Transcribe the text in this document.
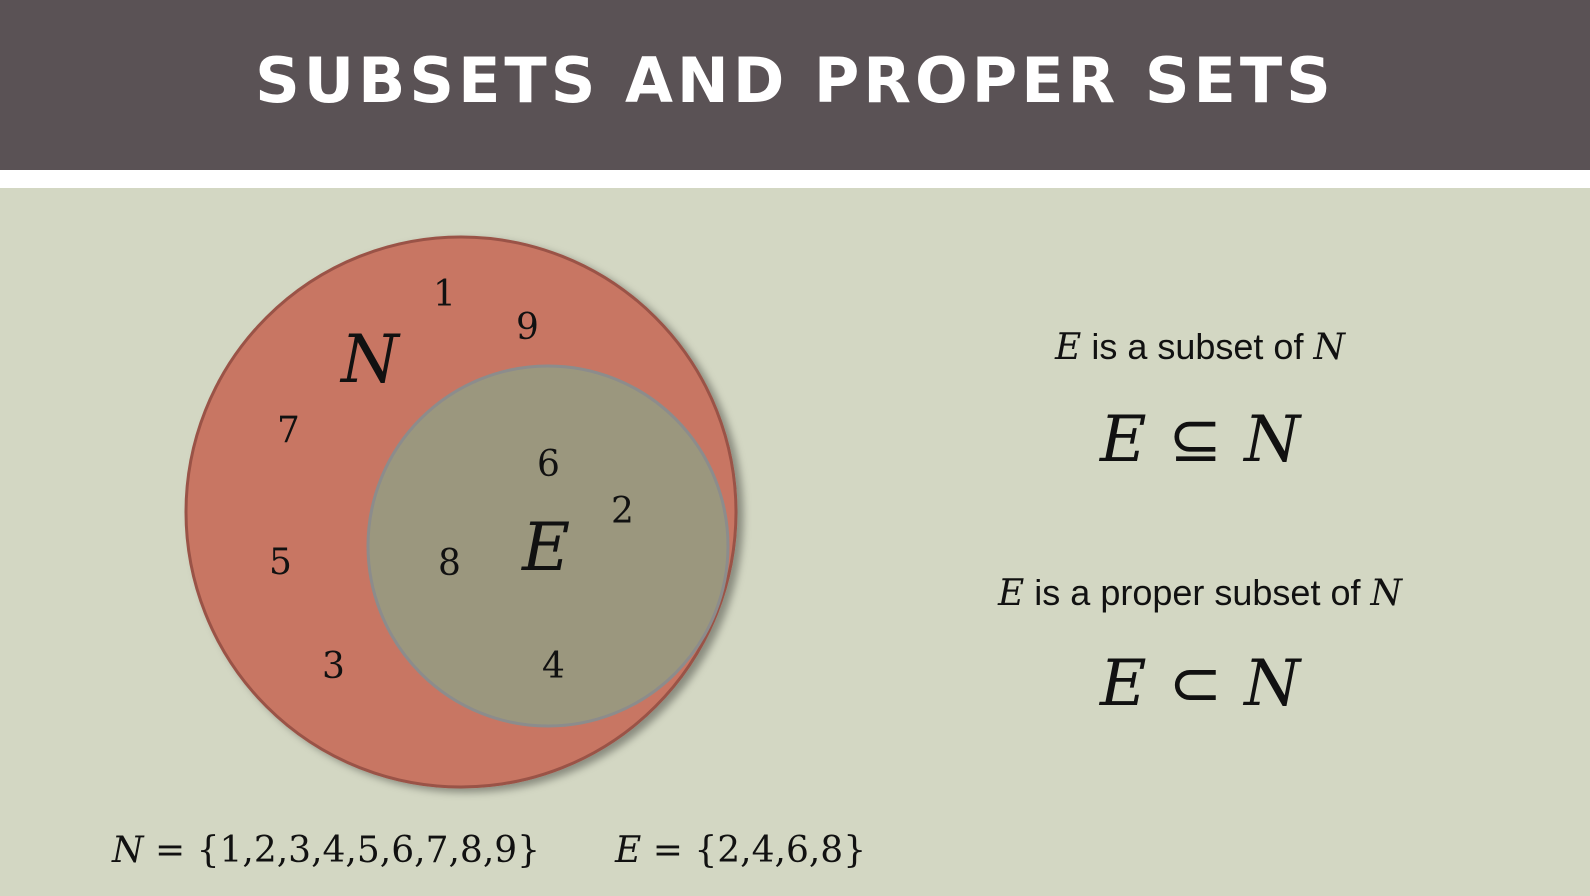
SUBSETS AND PROPER SETS
N
E
1
9
7
5
3
6
2
8
4
E is a subset of N
E ⊆ N
E is a proper subset of N
E ⊂ N
N = {1,2,3,4,5,6,7,8,9} E = {2,4,6,8}
